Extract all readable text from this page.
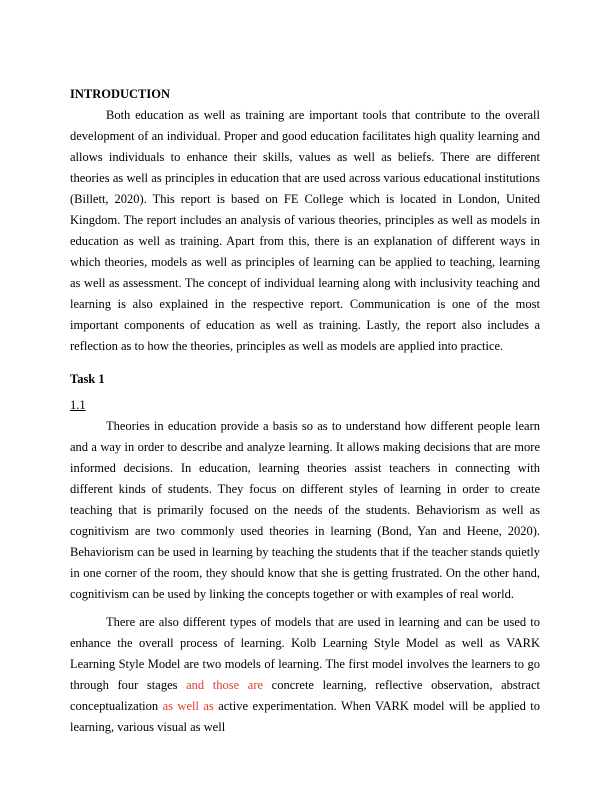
INTRODUCTION

Both education as well as training are important tools that contribute to the overall development of an individual. Proper and good education facilitates high quality learning and allows individuals to enhance their skills, values as well as beliefs. There are different theories as well as principles in education that are used across various educational institutions (Billett, 2020). This report is based on FE College which is located in London, United Kingdom. The report includes an analysis of various theories, principles as well as models in education as well as training. Apart from this, there is an explanation of different ways in which theories, models as well as principles of learning can be applied to teaching, learning as well as assessment. The concept of individual learning along with inclusivity teaching and learning is also explained in the respective report. Communication is one of the most important components of education as well as training. Lastly, the report also includes a reflection as to how the theories, principles as well as models are applied into practice.

Task 1
1.1

Theories in education provide a basis so as to understand how different people learn and a way in order to describe and analyze learning. It allows making decisions that are more informed decisions. In education, learning theories assist teachers in connecting with different kinds of students. They focus on different styles of learning in order to create teaching that is primarily focused on the needs of the students. Behaviorism as well as cognitivism are two commonly used theories in learning (Bond, Yan and Heene, 2020). Behaviorism can be used in learning by teaching the students that if the teacher stands quietly in one corner of the room, they should know that she is getting frustrated. On the other hand, cognitivism can be used by linking the concepts together or with examples of real world.

There are also different types of models that are used in learning and can be used to enhance the overall process of learning. Kolb Learning Style Model as well as VARK Learning Style Model are two models of learning. The first model involves the learners to go through four stages and those are concrete learning, reflective observation, abstract conceptualization as well as active experimentation. When VARK model will be applied to learning, various visual as well
